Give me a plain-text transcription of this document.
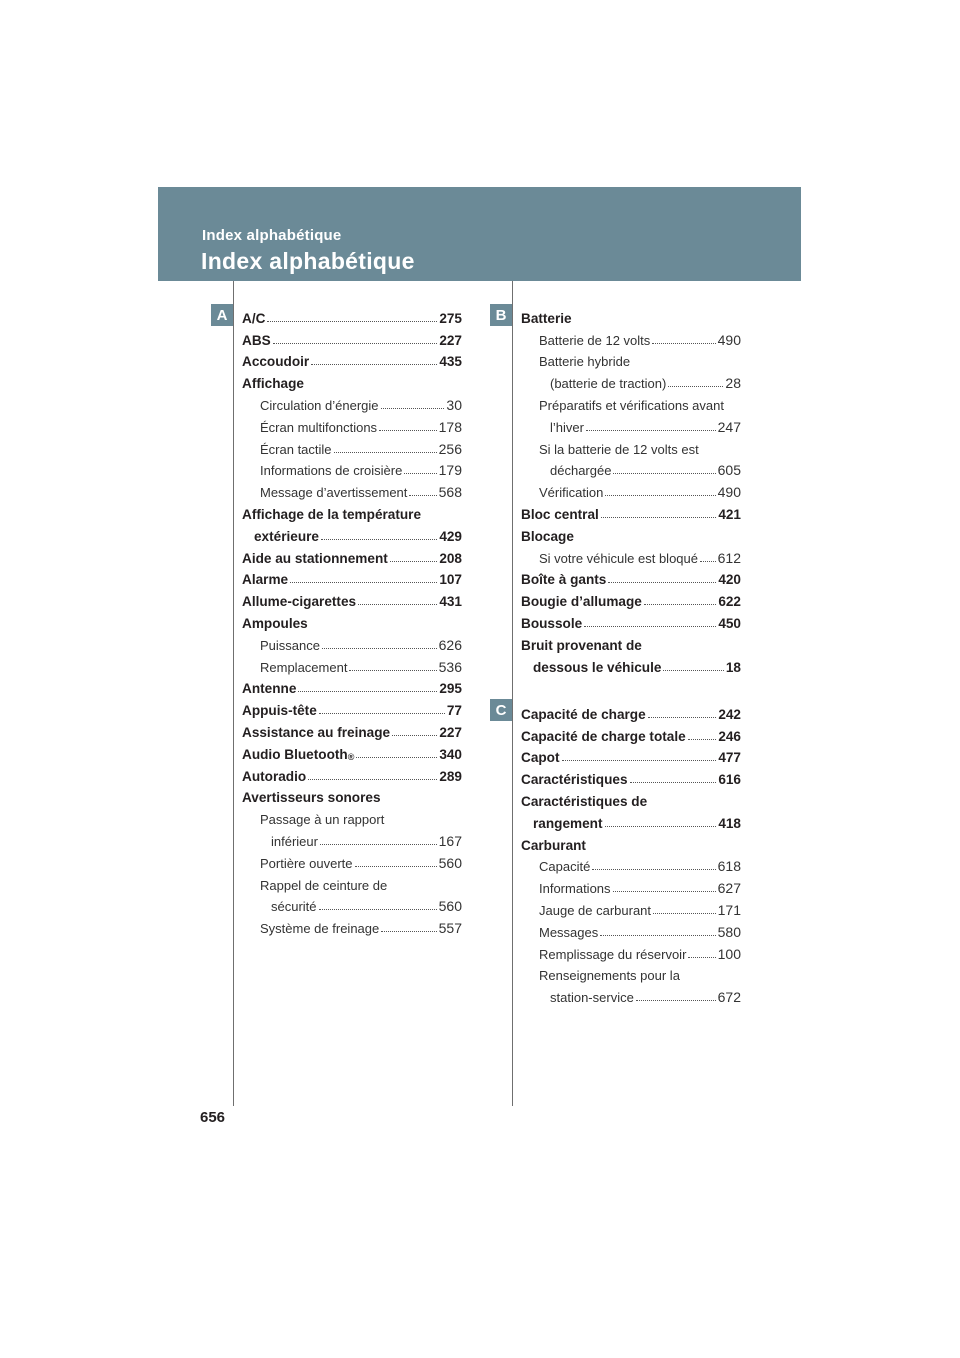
Index alphabétique
Index alphabétique
A	B
C
A/C	275
ABS	227
Accoudoir	435
Affichage
Circulation d’énergie	30
Écran multifonctions	178
Écran tactile	256
Informations de croisière	179
Message d’avertissement 568
Affichage de la température
extérieure	429
Aide au stationnement	208
Alarme	107
Allume-cigarettes	431
Ampoules
Puissance	626
Remplacement	536
Antenne	295
Appuis-tête	77
Assistance au freinage	227
Audio Bluetooth ®	340
Autoradio	289
Avertisseurs sonores
Passage à un rapport
inférieur	167
Portière ouverte	560
Rappel de ceinture de
sécurité	560
Système de freinage	557
Batterie
Batterie de 12 volts	490
Batterie hybride
(batterie de traction)	28
Préparatifs et vérifications avant
l’hiver	247
Si la batterie de 12 volts est
déchargée	605
Vérification	490
Bloc central	421
Blocage
Si votre véhicule est bloqué 612
Boîte à gants	420
Bougie d’allumage	622
Boussole	450
Bruit provenant de
dessous le véhicule	18
Capacité de charge	242
Capacité de charge totale 246
Capot	477
Caractéristiques	616
Caractéristiques de
rangement	418
Carburant
Capacité	618
Informations	627
Jauge de carburant	171
Messages	580
Remplissage du réservoir 100
Renseignements pour la
station-service	672
656
